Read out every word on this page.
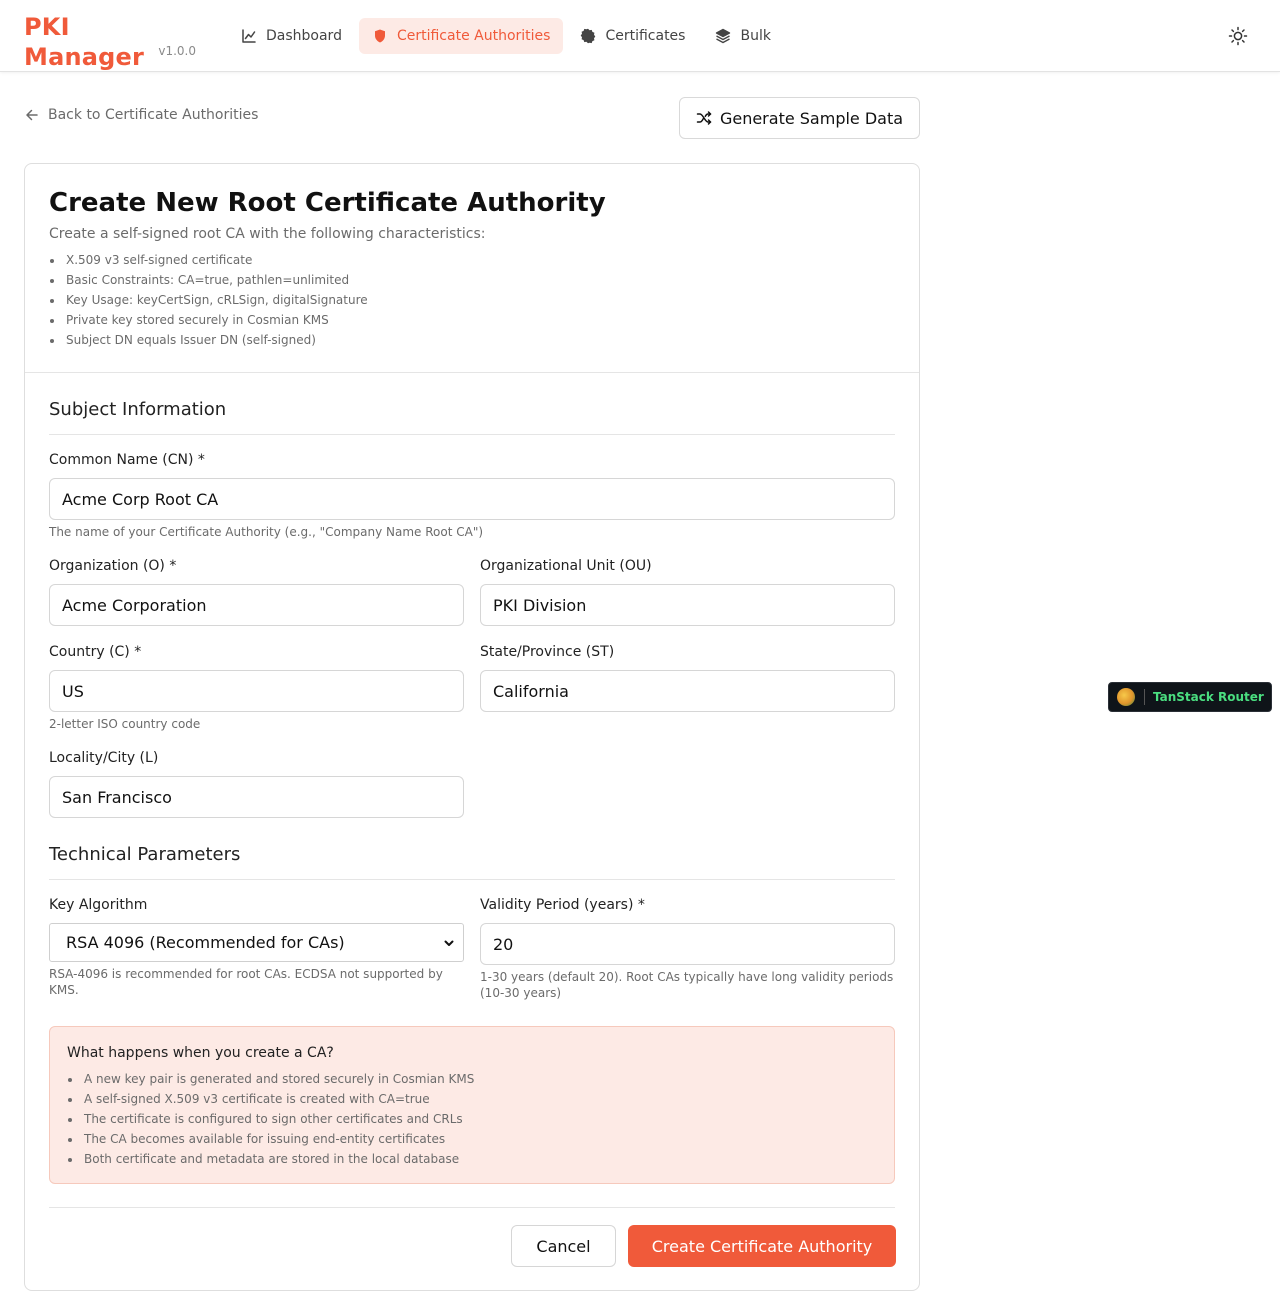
PKI Manager	v1.0.0
Dashboard	Certificate Authorities	Certificates	Bulk
Back to Certificate Authorities	Generate Sample Data
Create New Root Certificate Authority
Create a self-signed root CA with the following characteristics:
X.509 v3 self-signed certificate
Basic Constraints: CA=true, pathlen=unlimited
Key Usage: keyCertSign, cRLSign, digitalSignature
Private key stored securely in Cosmian KMS
Subject DN equals Issuer DN (self-signed)
Subject Information
Common Name (CN) *
Acme Corp Root CA
The name of your Certificate Authority (e.g., "Company Name Root CA")
Organization (O) *
Acme Corporation
Organizational Unit (OU)
PKI Division
Country (C) *
US
2-letter ISO country code
State/Province (ST)
California
Locality/City (L)
San Francisco
Technical Parameters
Key Algorithm
RSA 4096 (Recommended for CAs)
RSA-4096 is recommended for root CAs. ECDSA not supported by KMS.
Validity Period (years) *
20
1-30 years (default 20). Root CAs typically have long validity periods (10-30 years)
What happens when you create a CA?
A new key pair is generated and stored securely in Cosmian KMS
A self-signed X.509 v3 certificate is created with CA=true
The certificate is configured to sign other certificates and CRLs
The CA becomes available for issuing end-entity certificates
Both certificate and metadata are stored in the local database
Cancel	Create Certificate Authority
TanStack Router
